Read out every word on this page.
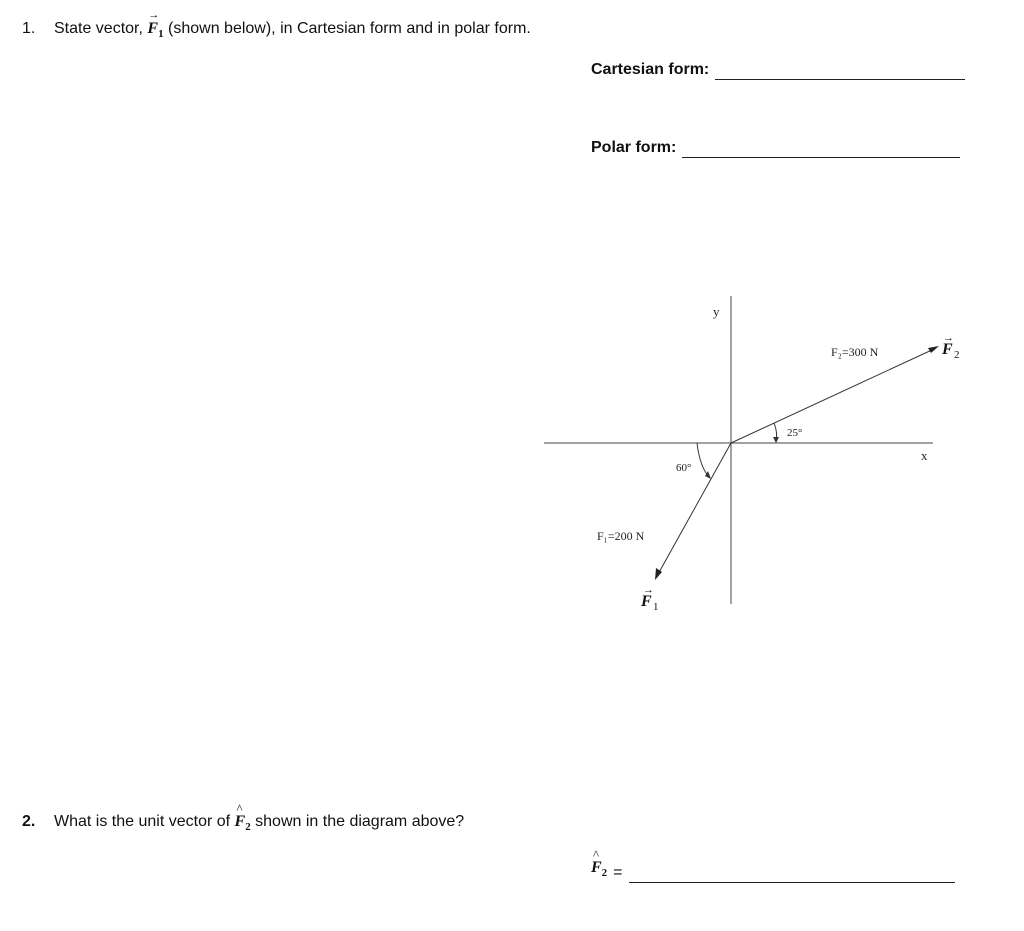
1. State vector,
→
$F_1$ (shown below), in Cartesian form and in polar form.
Cartesian form:
Polar form:
y
x
F₂=300 N	F 2
→
25°
F₁=200 N
F 1
→
60°
2. What is the unit vector of
^
$F_2$ shown in the diagram above?
^
$F_2$ =
